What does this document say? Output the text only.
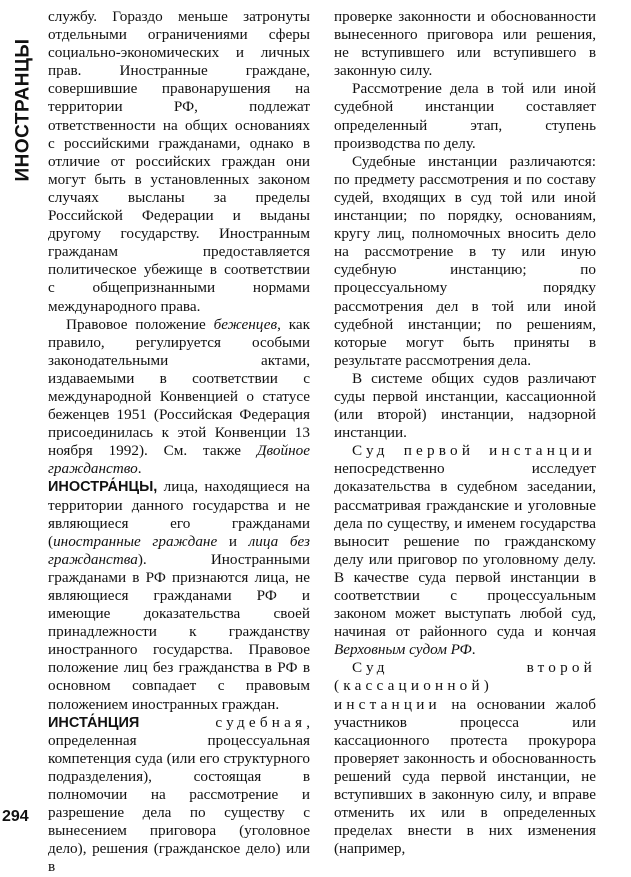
ИНОСТРАНЦЫ
294

службу. Гораздо меньше затронуты отдельными ограничениями сферы социально-экономических и личных прав. Иностранные граждане, совершившие правонарушения на территории РФ, подлежат ответственности на общих основаниях с российскими гражданами, однако в отличие от российских граждан они могут быть в установленных законом случаях высланы за пределы Российской Федерации и выданы другому государству. Иностранным гражданам предоставляется политическое убежище в соответствии с общепризнанными нормами международного права.

Правовое положение беженцев, как правило, регулируется особыми законодательными актами, издаваемыми в соответствии с международной Конвенцией о статусе беженцев 1951 (Российская Федерация присоединилась к этой Конвенции 13 ноября 1992). См. также Двойное гражданство.

ИНОСТРА́НЦЫ, лица, находящиеся на территории данного государства и не являющиеся его гражданами (иностранные граждане и лица без гражданства). Иностранными гражданами в РФ признаются лица, не являющиеся гражданами РФ и имеющие доказательства своей принадлежности к гражданству иностранного государства. Правовое положение лиц без гражданства в РФ в основном совпадает с правовым положением иностранных граждан.

ИНСТА́НЦИЯ судебная, определенная процессуальная компетенция суда (или его структурного подразделения), состоящая в полномочии на рассмотрение и разрешение дела по существу с вынесением приговора (уголовное дело), решения (гражданское дело) или в

проверке законности и обоснованности вынесенного приговора или решения, не вступившего или вступившего в законную силу.

Рассмотрение дела в той или иной судебной инстанции составляет определенный этап, ступень производства по делу.

Судебные инстанции различаются: по предмету рассмотрения и по составу судей, входящих в суд той или иной инстанции; по порядку, основаниям, кругу лиц, полномочных вносить дело на рассмотрение в ту или иную судебную инстанцию; по процессуальному порядку рассмотрения дел в той или иной судебной инстанции; по решениям, которые могут быть приняты в результате рассмотрения дела.

В системе общих судов различают суды первой инстанции, кассационной (или второй) инстанции, надзорной инстанции.

Суд первой инстанции непосредственно исследует доказательства в судебном заседании, рассматривая гражданские и уголовные дела по существу, и именем государства выносит решение по гражданскому делу или приговор по уголовному делу. В качестве суда первой инстанции в соответствии с процессуальным законом может выступать любой суд, начиная от районного суда и кончая Верховным судом РФ.

Суд второй (кассационной) инстанции на основании жалоб участников процесса или кассационного протеста прокурора проверяет законность и обоснованность решений суда первой инстанции, не вступивших в законную силу, и вправе отменить их или в определенных пределах внести в них изменения (например,
